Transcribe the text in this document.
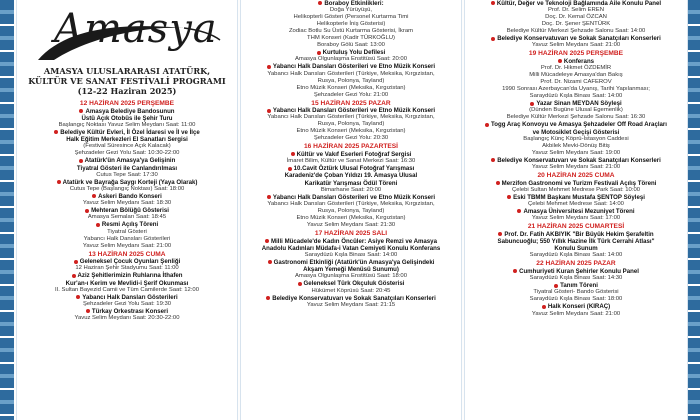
Amasya
AMASYA ULUSLARARASI ATATÜRK,
KÜLTÜR VE SANAT FESTİVALİ PROGRAMI
(12-22 Haziran 2025)
12 HAZİRAN 2025 PERŞEMBE
Amasya Belediye Bandosunun
Üstü Açık Otobüs ile Şehir Turu
Başlangıç Noktası Yavuz Selim Meydanı Saat: 11:00
Belediye Kültür Evleri, İl Özel İdaresi ve İl ve İlçe
Halk Eğitim Merkezleri El Sanatları Sergisi
(Festival Süresince Açık Kalacak)
Şehzadeler Gezi Yolu Saat: 10:30-22:00
Atatürk'ün Amasya'ya Gelişinin
Tiyatral Gösteri ile Canlandırılması
Cutus Tepe Saat: 17:30
Atatürk ve Bayrağa Saygı Korteji (Yaya Olarak)
Cutus Tepe (Başlangıç Noktası) Saat: 18:00
Askeri Bando Konseri
Yavuz Selim Meydanı Saat: 18:30
Mehteran Bölüğü Gösterisi
Amasya Semaları Saat: 18:45
Resmi Açılış Töreni
Tiyatral Gösteri
Yabancı Halk Dansları Gösterileri
Yavuz Selim Meydanı Saat: 21:00
13 HAZİRAN 2025 CUMA
Geleneksel Çocuk Oyunları Şenliği
12 Haziran Şehir Stadyumu Saat: 11:00
Aziz Şehitlerimizin Ruhlarına İthafen
Kur'an-ı Kerim ve Mevlidi-i Şerif Okunması
II. Sultan Bayezid Camii ve Tüm Camilerde Saat: 12:00
Yabancı Halk Dansları Gösterileri
Şehzadeler Gezi Yolu Saat: 19:30
Türkay Orkestrası Konseri
Yavuz Selim Meydanı Saat: 20:30-22:00
Boraboy Etkinlikleri:
Doğa Yürüyüşü,
Helikopterli Gösteri (Personel Kurtarma Timi
Helikopterle İniş Gösterisi)
Zodiac Botlu Su Üstü Kurtarma Gösterisi, İkram
THM Konseri (Kadir TÜRKOĞLU)
Boraboy Gölü Saat: 13:00
Kurtuluş Yolu Defilesi
Amasya Olgunlaşma Enstitüsü Saat: 20:00
Yabancı Halk Dansları Gösterileri ve Etno Müzik Konseri
Yabancı Halk Dansları Gösterileri (Türkiye, Meksika, Kırgızistan,
Rusya, Polonya, Tayland)
Etno Müzik Konseri (Meksika, Kırgızistan)
Şehzadeler Gezi Yolu: 21:00
15 HAZİRAN 2025 PAZAR
Yabancı Halk Dansları Gösterileri ve Etno Müzik Konseri
Yabancı Halk Dansları Gösterileri (Türkiye, Meksika, Kırgızistan,
Rusya, Polonya, Tayland)
Etno Müzik Konseri (Meksika, Kırgızistan)
Şehzadeler Gezi Yolu: 20:30
16 HAZİRAN 2025 PAZARTESİ
Kültür ve Vakıf Eserleri Fotoğraf Sergisi
İmaret Bilim, Kültür ve Sanat Merkezi Saat: 16:30
10.Cavit Öztürk Ulusal Fotoğraf Yarışması
Karadeniz'de Çoban Yıldızı 19. Amasya Ulusal
Karikatür Yarışması Ödül Töreni
Bimarhane Saat: 20:00
Yabancı Halk Dansları Gösterileri ve Etno Müzik Konseri
Yabancı Halk Dansları Gösterileri (Türkiye, Meksika, Kırgızistan,
Rusya, Polonya, Tayland)
Etno Müzik Konseri (Meksika, Kırgızistan)
Yavuz Selim Meydanı Saat: 21:30
17 HAZİRAN 2025 SALI
Milli Mücadele'de Kadın Öncüler: Asiye Remzi ve Amasya
Anadolu Kadınları Müdafa-i Vatan Cemiyeti Konulu Konferans
Saraydüzü Kışla Binası Saat: 14:00
Gastronomi Etkinliği (Atatürk'ün Amasya'ya Gelişindeki
Akşam Yemeği Menüsü Sunumu)
Amasya Olgunlaşma Enstitüsü Saat: 18:00
Geleneksel Türk Okçuluk Gösterisi
Hükümet Köprüsü Saat: 20:45
Belediye Konservatuvarı ve Sokak Sanatçıları Konserleri
Yavuz Selim Meydanı Saat: 21:15
Kültür, Değer ve Teknoloji Bağlamında Aile Konulu Panel
Prof. Dr. Selim EREN
Doç. Dr. Kemal ÖZCAN
Doç. Dr. Şener ŞENTÜRK
Belediye Kültür Merkezi Şehzade Salonu Saat: 14:00
Belediye Konservatuvarı ve Sokak Sanatçıları Konserleri
Yavuz Selim Meydanı Saat: 21:00
19 HAZİRAN 2025 PERŞEMBE
Konferans
Prof. Dr. Hikmet ÖZDEMİR
Milli Mücadeleye Amasya'dan Bakış
Prof. Dr. Nizami CAFEROV
1990 Sonrası Azerbaycan'da Uyanış, Tarihi Yapılanması;
Saraydüzü Kışla Binası Saat: 14:00
Yazar Sinan MEYDAN Söyleşi
(Dünden Bugüne Ulusal Egemenlik)
Belediye Kültür Merkezi Şehzade Salonu Saat: 16:30
Togg Araç Konvoyu ve Amasya Şehzadeler Off Road Araçları
ve Motosiklet Geçişi Gösterisi
Başlangıç Künç Köprü-İstasyon Caddesi
Akbilek Mevki-Dönüş Bitiş
Yavuz Selim Meydanı Saat: 19:00
Belediye Konservatuvarı ve Sokak Sanatçıları Konserleri
Yavuz Selim Meydanı Saat: 21:00
20 HAZİRAN 2025 CUMA
Merzifon Gastronomi ve Turizm Festivali Açılış Töreni
Çelebi Sultan Mehmet Medrese Park Saat: 10:00
Eski TBMM Başkanı Mustafa ŞENTOP Söyleşi
Çelebi Mehmet Medrese Saat: 14:00
Amasya Üniversitesi Mezuniyet Töreni
Yavuz Selim Meydanı Saat: 17:00
21 HAZİRAN 2025 CUMARTESİ
Prof. Dr. Fatih AKBIYIK "Bir Büyük Hekim Şerafeltin
Sabuncuoğlu; 550 Yıllık Hazine İlk Türk Cerrahi Atlası"
Konulu Sunum
Saraydüzü Kışla Binası Saat: 14:00
22 HAZİRAN 2025 PAZAR
Cumhuriyeti Kuran Şehirler Konulu Panel
Saraydüzü Kışla Binası Saat: 14:30
Tanım Töreni
Tiyatral Gösteri- Bando Gösterisi
Saraydüzü Kışla Binası Saat: 18:00
Halk Konseri (KIRAÇ)
Yavuz Selim Meydanı Saat: 21:00
